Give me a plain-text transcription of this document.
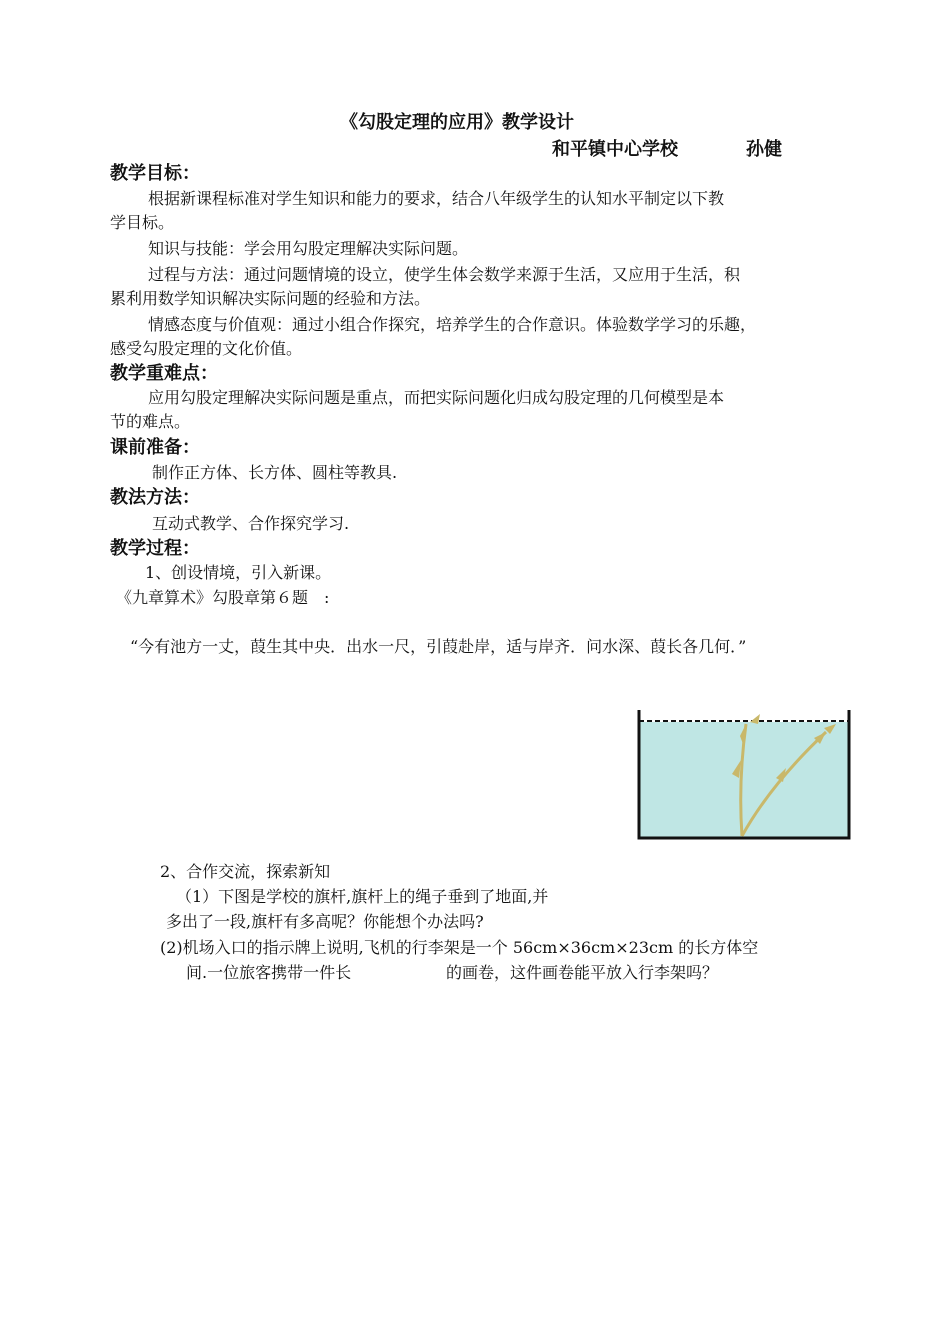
《勾股定理的应用》教学设计
和平镇中心学校	孙健
教学目标：
根据新课程标准对学生知识和能力的要求，结合八年级学生的认知水平制定以下教
学目标。
知识与技能：学会用勾股定理解决实际问题。
过程与方法：通过问题情境的设立，使学生体会数学来源于生活，又应用于生活，积
累利用数学知识解决实际问题的经验和方法。
情感态度与价值观：通过小组合作探究，培养学生的合作意识。体验数学学习的乐趣，
感受勾股定理的文化价值。
教学重难点：
应用勾股定理解决实际问题是重点，而把实际问题化归成勾股定理的几何模型是本
节的难点。
课前准备：
制作正方体、长方体、圆柱等教具.
教法方法：
互动式教学、合作探究学习.
教学过程：
1、创设情境，引入新课。
《九章算术》勾股章第６题　:
“今有池方一丈，葭生其中央．出水一尺，引葭赴岸，适与岸齐．问水深、葭长各几何．”
2、合作交流，探索新知
（1）下图是学校的旗杆,旗杆上的绳子垂到了地面,并
多出了一段,旗杆有多高呢？你能想个办法吗?
(2)机场入口的指示牌上说明,飞机的行李架是一个 56cm×36cm×23cm 的长方体空
间.一位旅客携带一件长	的画卷，这件画卷能平放入行李架吗？
